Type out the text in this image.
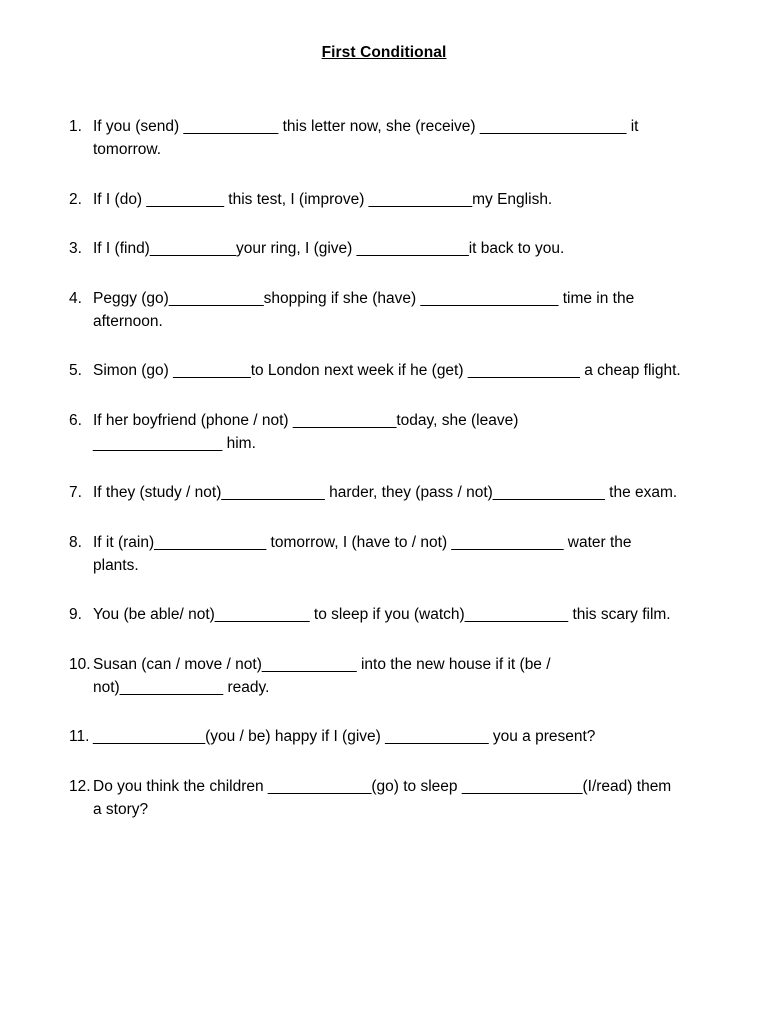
First Conditional
1. If you (send) ___________ this letter now, she (receive) _________________ it
tomorrow.
2. If I (do) _________ this test, I (improve) ____________my English.
3. If I (find)__________your ring, I (give) _____________it back to you.
4. Peggy (go)___________shopping if she (have) ________________ time in the
afternoon.
5. Simon (go) _________to London next week if he (get) _____________ a cheap flight.
6. If her boyfriend (phone / not) ____________today, she (leave)
_______________ him.
7. If they (study / not)____________ harder, they (pass / not)_____________ the exam.
8. If it (rain)_____________ tomorrow, I (have to / not) _____________ water the
plants.
9. You (be able/ not)___________ to sleep if you (watch)____________ this scary film.
10. Susan (can / move / not)___________ into the new house if it (be /
not)____________ ready.
11. _____________(you / be) happy if I (give) ____________ you a present?
12. Do you think the children ____________(go) to sleep ______________(I/read) them
a story?
